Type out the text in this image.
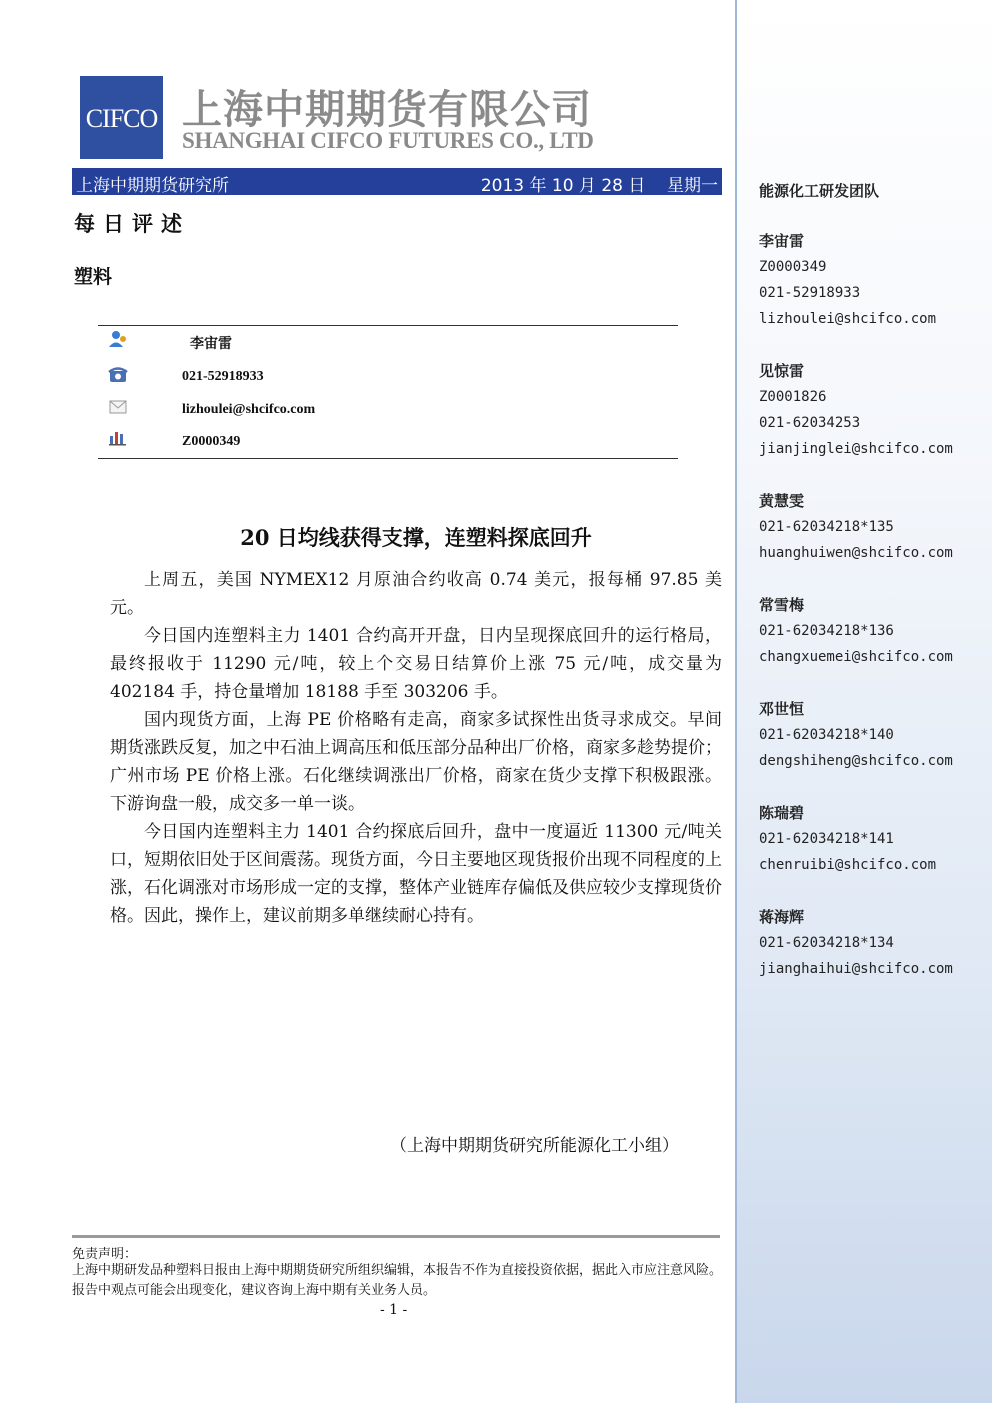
CIFCO 上海中期期货有限公司
SHANGHAI CIFCO FUTURES CO., LTD
上海中期期货研究所	2013 年 10 月 28 日 星期一
每日评述
塑料
李宙雷
021-52918933
lizhoulei@shcifco.com
Z0000349
20 日均线获得支撑，连塑料探底回升

上周五，美国 NYMEX12 月原油合约收高 0.74 美元，报每桶 97.85 美元。

今日国内连塑料主力 1401 合约高开开盘，日内呈现探底回升的运行格局，最终报收于 11290 元/吨，较上个交易日结算价上涨 75 元/吨，成交量为 402184 手，持仓量增加 18188 手至 303206 手。

国内现货方面，上海 PE 价格略有走高，商家多试探性出货寻求成交。早间期货涨跌反复，加之中石油上调高压和低压部分品种出厂价格，商家多趁势提价；广州市场 PE 价格上涨。石化继续调涨出厂价格，商家在货少支撑下积极跟涨。下游询盘一般，成交多一单一谈。

今日国内连塑料主力 1401 合约探底后回升，盘中一度逼近 11300 元/吨关口，短期依旧处于区间震荡。现货方面，今日主要地区现货报价出现不同程度的上涨，石化调涨对市场形成一定的支撑，整体产业链库存偏低及供应较少支撑现货价格。因此，操作上，建议前期多单继续耐心持有。

（上海中期期货研究所能源化工小组）
免责声明：
上海中期研发品种塑料日报由上海中期期货研究所组织编辑，本报告不作为直接投资依据，据此入市应注意风险。报告中观点可能会出现变化，建议咨询上海中期有关业务人员。
- 1 -
能源化工研发团队
李宙雷
Z0000349
021-52918933
lizhoulei@shcifco.com
见惊雷
Z0001826
021-62034253
jianjinglei@shcifco.com
黄慧雯
021-62034218*135
huanghuiwen@shcifco.com
常雪梅
021-62034218*136
changxuemei@shcifco.com
邓世恒
021-62034218*140
dengshiheng@shcifco.com
陈瑞碧
021-62034218*141
chenruibi@shcifco.com
蒋海辉
021-62034218*134
jianghaihui@shcifco.com
